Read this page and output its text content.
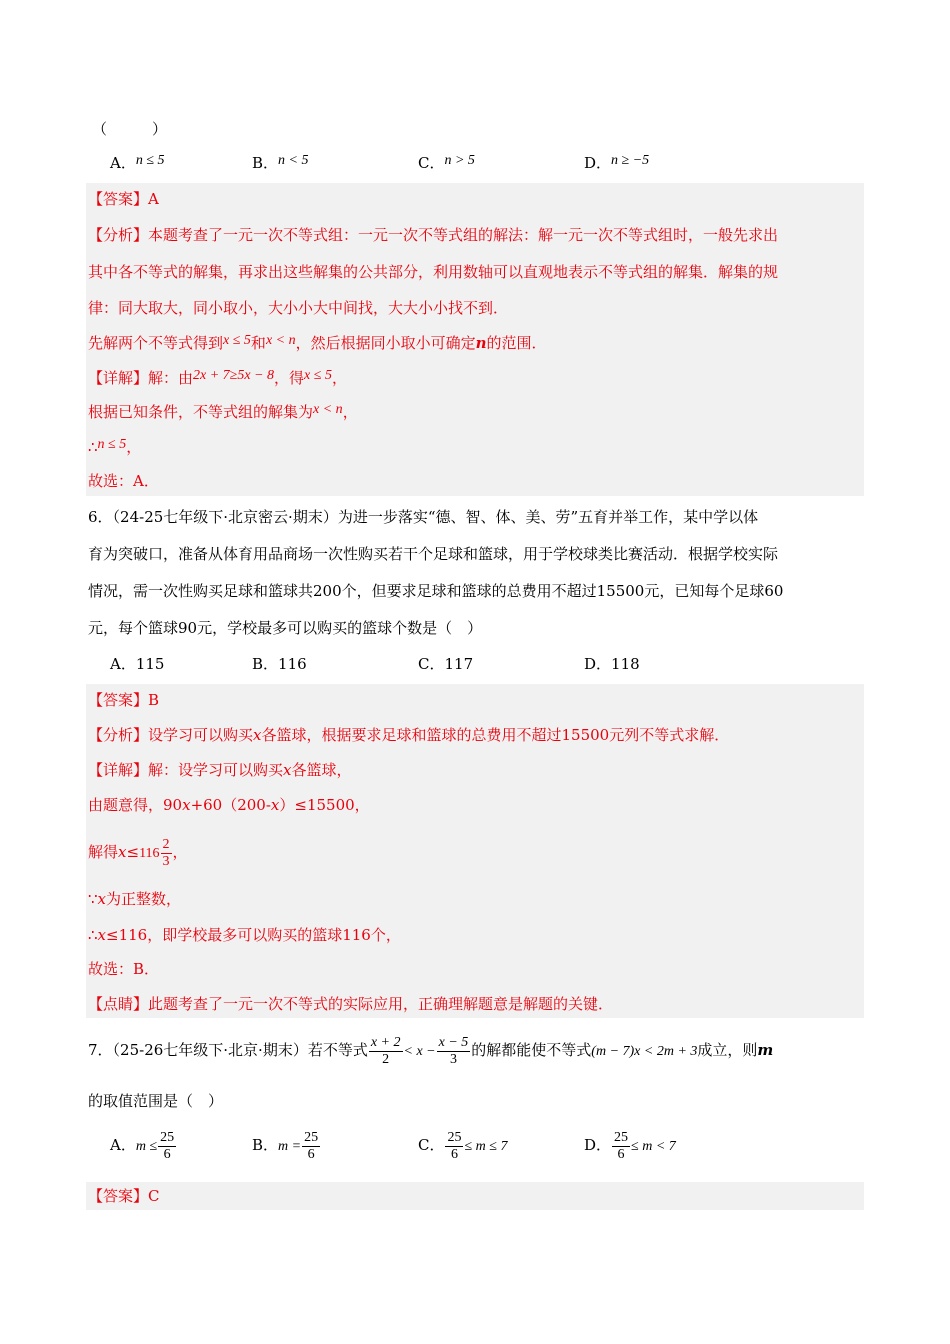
（　　　）
A．n ≤ 5	B．n < 5	C．n > 5	D．n ≥ −5
【答案】A
【分析】本题考查了一元一次不等式组：一元一次不等式组的解法：解一元一次不等式组时，一般先求出
其中各不等式的解集，再求出这些解集的公共部分，利用数轴可以直观地表示不等式组的解集．解集的规
律：同大取大，同小取小，大小小大中间找，大大小小找不到．
先解两个不等式得到x ≤ 5和x < n，然后根据同小取小可确定n的范围．
【详解】解：由2x + 7≥5x − 8，得x ≤ 5，
根据已知条件，不等式组的解集为x < n，
∴n ≤ 5，
故选：A．
6．（24-25七年级下·北京密云·期末）为进一步落实“德、智、体、美、劳”五育并举工作，某中学以体
育为突破口，准备从体育用品商场一次性购买若干个足球和篮球，用于学校球类比赛活动．根据学校实际
情况，需一次性购买足球和篮球共200个，但要求足球和篮球的总费用不超过15500元，已知每个足球60
元，每个篮球90元，学校最多可以购买的篮球个数是（　）
A．115	B．116	C．117	D．118
【答案】B
【分析】设学习可以购买x各篮球，根据要求足球和篮球的总费用不超过15500元列不等式求解．
【详解】解：设学习可以购买x各篮球，
由题意得，90x+60（200-x）≤15500，
解得$x\le 116 \frac{2}{3}$ ，
∵x为正整数，
∴x≤116，即学校最多可以购买的篮球116个，
故选：B．
【点睛】此题考查了一元一次不等式的实际应用，正确理解题意是解题的关键．
7．（25-26七年级下·北京·期末）若不等式 $\frac{x + 2}{2} < x - \frac{x - 5}{3}$ 的解都能使不等式(m − 7)x < 2m + 3成立，则m
的取值范围是（　）
A．$m \le \frac{25}{6}$	B．$m = \frac{25}{6}$	C． $\frac{25}{6} \le m \le 7$	D． $\frac{25}{6} \le m < 7$
【答案】C
